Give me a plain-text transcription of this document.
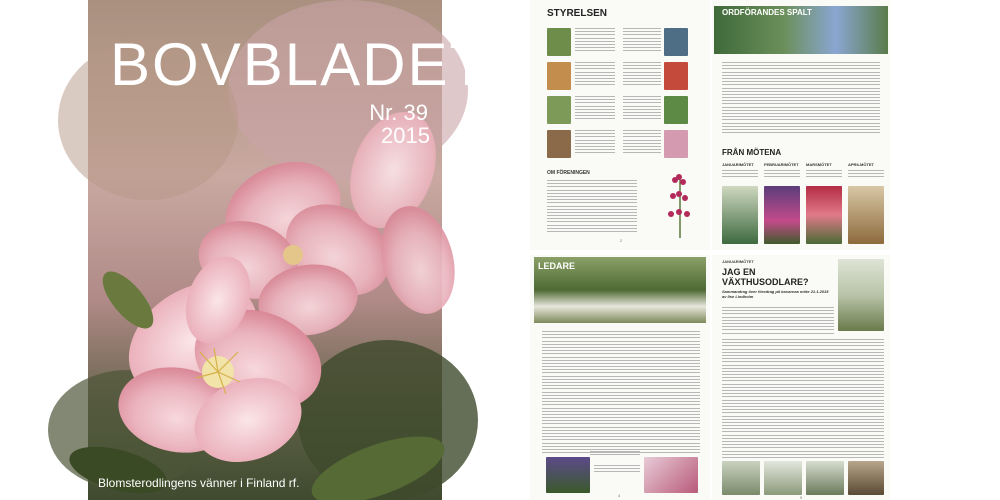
BOVBLADET
Nr. 39
2015
Blomsterodlingens vänner i Finland rf.
STYRELSEN
OM FÖRENINGEN
2
ORDFÖRANDES SPALT
FRÅN MÖTENA
JANUARIMÖTET	FEBRUARIMÖTET MARSMÖTET	APRILMÖTET
LEDARE
4
JANUARIMÖTET
JAG EN VÄXTHUSODLARE?
Sammandrag över föredrag på bovarnas möte 21.1.2015 av Ilse Lindholm
5
